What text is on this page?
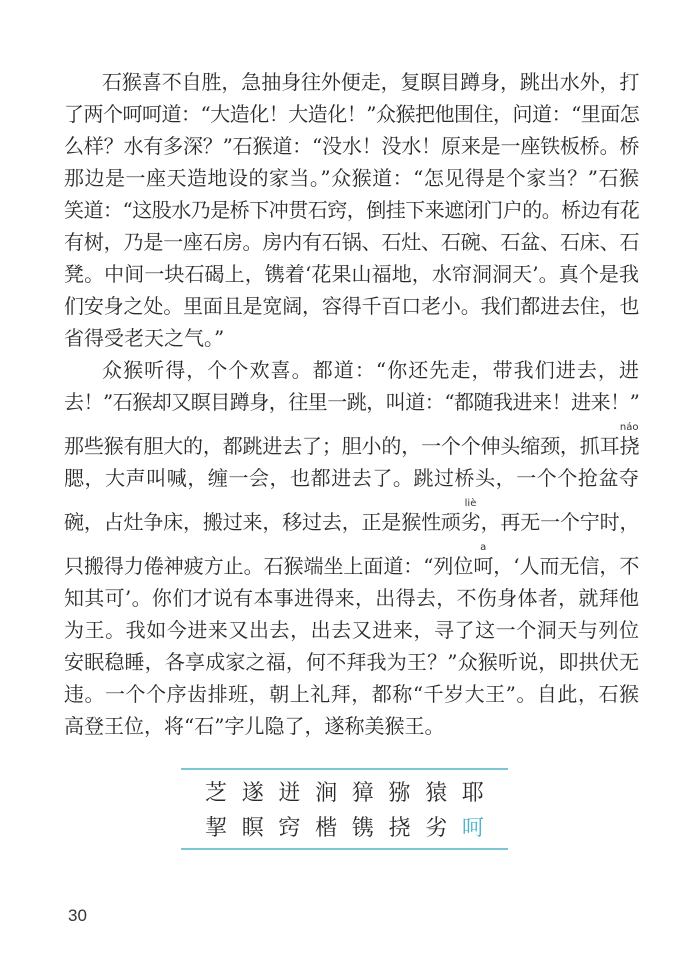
石猴喜不自胜，急抽身往外便走，复瞑目蹲身，跳出水外，打
了两个呵呵道：“大造化！大造化！”众猴把他围住，问道：“里面怎
么样？水有多深？”石猴道：“没水！没水！原来是一座铁板桥。桥
那边是一座天造地设的家当。”众猴道：“怎见得是个家当？”石猴
笑道：“这股水乃是桥下冲贯石窍，倒挂下来遮闭门户的。桥边有花
有树，乃是一座石房。房内有石锅、石灶、石碗、石盆、石床、石
凳。中间一块石碣上，镌着‘花果山福地，水帘洞洞天’。真个是我
们安身之处。里面且是宽阔，容得千百口老小。我们都进去住，也
省得受老天之气。”
众猴听得，个个欢喜。都道：“你还先走，带我们进去，进
去！”石猴却又瞑目蹲身，往里一跳，叫道：“都随我进来！进来！”
那些猴有胆大的，都跳进去了；胆小的，一个个伸头缩颈，抓耳挠
náo
腮，大声叫喊，缠一会，也都进去了。跳过桥头，一个个抢盆夺
碗，占灶争床，搬过来，移过去，正是猴性顽劣
liè
，再无一个宁时，
只搬得力倦神疲方止。石猴端坐上面道：“列位呵
a
，‘人而无信，不
知其可’。你们才说有本事进得来，出得去，不伤身体者，就拜他
为王。我如今进来又出去，出去又进来，寻了这一个洞天与列位
安眠稳睡，各享成家之福，何不拜我为王？”众猴听说，即拱伏无
违。一个个序齿排班，朝上礼拜，都称“千岁大王”。自此，石猴
高登王位，将“石”字儿隐了，遂称美猴王。
芝 遂 迸 涧 獐 猕 猿 耶
挈 瞑 窍 楷 镌 挠 劣 呵
30
